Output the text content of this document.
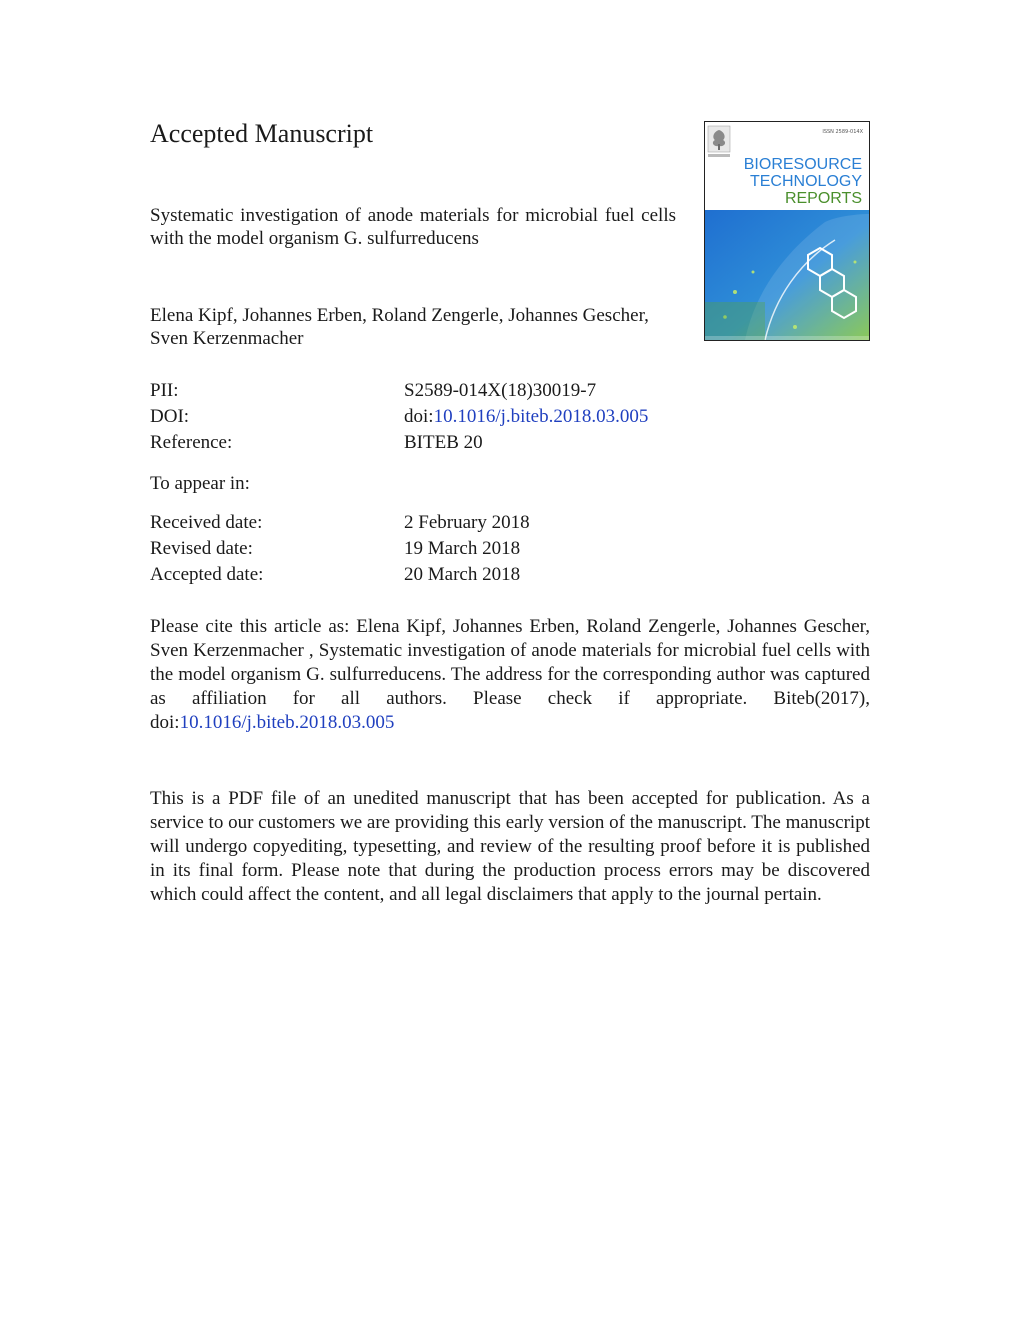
Accepted Manuscript
Systematic investigation of anode materials for microbial fuel cells with the model organism G. sulfurreducens

Elena Kipf, Johannes Erben, Roland Zengerle, Johannes Gescher, Sven Kerzenmacher

ISSN 2589-014X
BIORESOURCE
TECHNOLOGY
REPORTS
PII:	S2589-014X(18)30019-7
DOI:	doi:10.1016/j.biteb.2018.03.005
Reference:	BITEB 20
To appear in:
Received date:	2 February 2018
Revised date:	19 March 2018
Accepted date:	20 March 2018

Please cite this article as: Elena Kipf, Johannes Erben, Roland Zengerle, Johannes Gescher, Sven Kerzenmacher , Systematic investigation of anode materials for microbial fuel cells with the model organism G. sulfurreducens. The address for the corresponding author was captured as affiliation for all authors. Please check if appropriate. Biteb(2017), doi:10.1016/j.biteb.2018.03.005

This is a PDF file of an unedited manuscript that has been accepted for publication. As a service to our customers we are providing this early version of the manuscript. The manuscript will undergo copyediting, typesetting, and review of the resulting proof before it is published in its final form. Please note that during the production process errors may be discovered which could affect the content, and all legal disclaimers that apply to the journal pertain.
